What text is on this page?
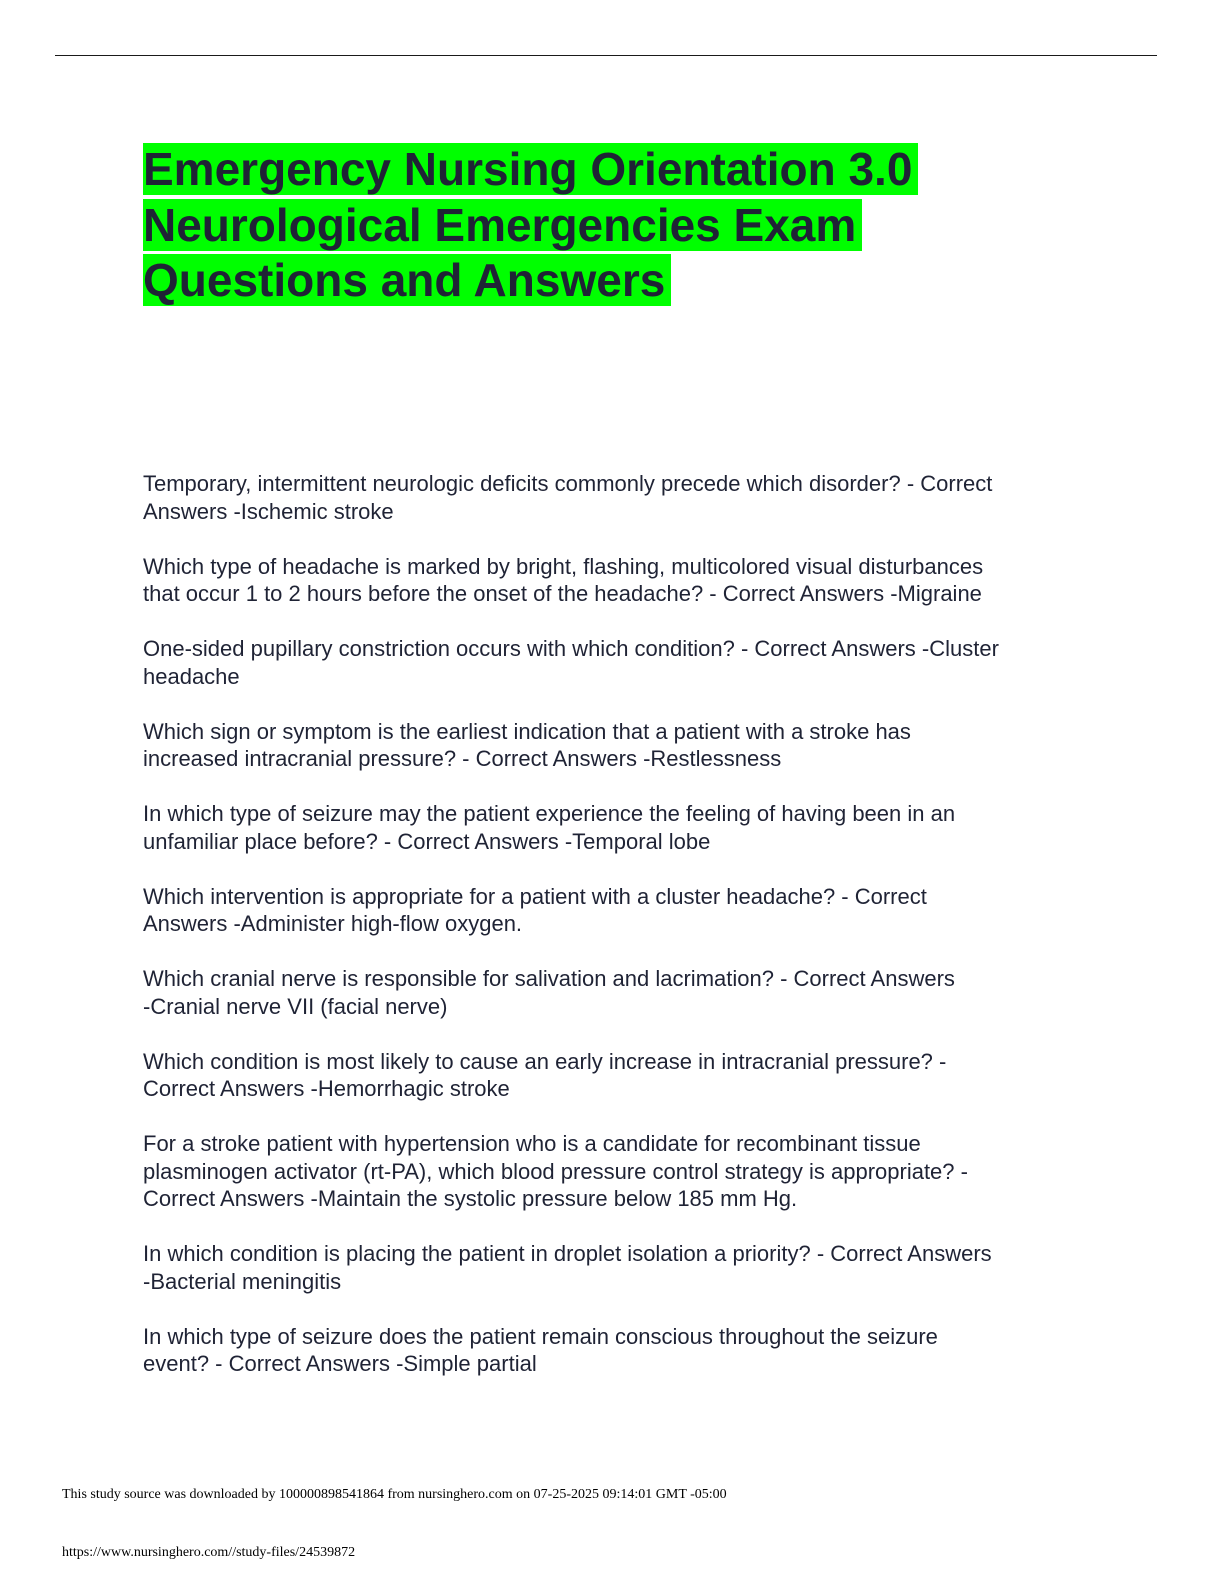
Emergency Nursing Orientation 3.0
Neurological Emergencies Exam
Questions and Answers
Temporary, intermittent neurologic deficits commonly precede which disorder? - Correct
Answers -Ischemic stroke
Which type of headache is marked by bright, flashing, multicolored visual disturbances
that occur 1 to 2 hours before the onset of the headache? - Correct Answers -Migraine
One-sided pupillary constriction occurs with which condition? - Correct Answers -Cluster
headache
Which sign or symptom is the earliest indication that a patient with a stroke has
increased intracranial pressure? - Correct Answers -Restlessness
In which type of seizure may the patient experience the feeling of having been in an
unfamiliar place before? - Correct Answers -Temporal lobe
Which intervention is appropriate for a patient with a cluster headache? - Correct
Answers -Administer high-flow oxygen.
Which cranial nerve is responsible for salivation and lacrimation? - Correct Answers
-Cranial nerve VII (facial nerve)
Which condition is most likely to cause an early increase in intracranial pressure? -
Correct Answers -Hemorrhagic stroke
For a stroke patient with hypertension who is a candidate for recombinant tissue
plasminogen activator (rt-PA), which blood pressure control strategy is appropriate? -
Correct Answers -Maintain the systolic pressure below 185 mm Hg.
In which condition is placing the patient in droplet isolation a priority? - Correct Answers
-Bacterial meningitis
In which type of seizure does the patient remain conscious throughout the seizure
event? - Correct Answers -Simple partial
This study source was downloaded by 100000898541864 from nursinghero.com on 07-25-2025 09:14:01 GMT -05:00
https://www.nursinghero.com//study-files/24539872
